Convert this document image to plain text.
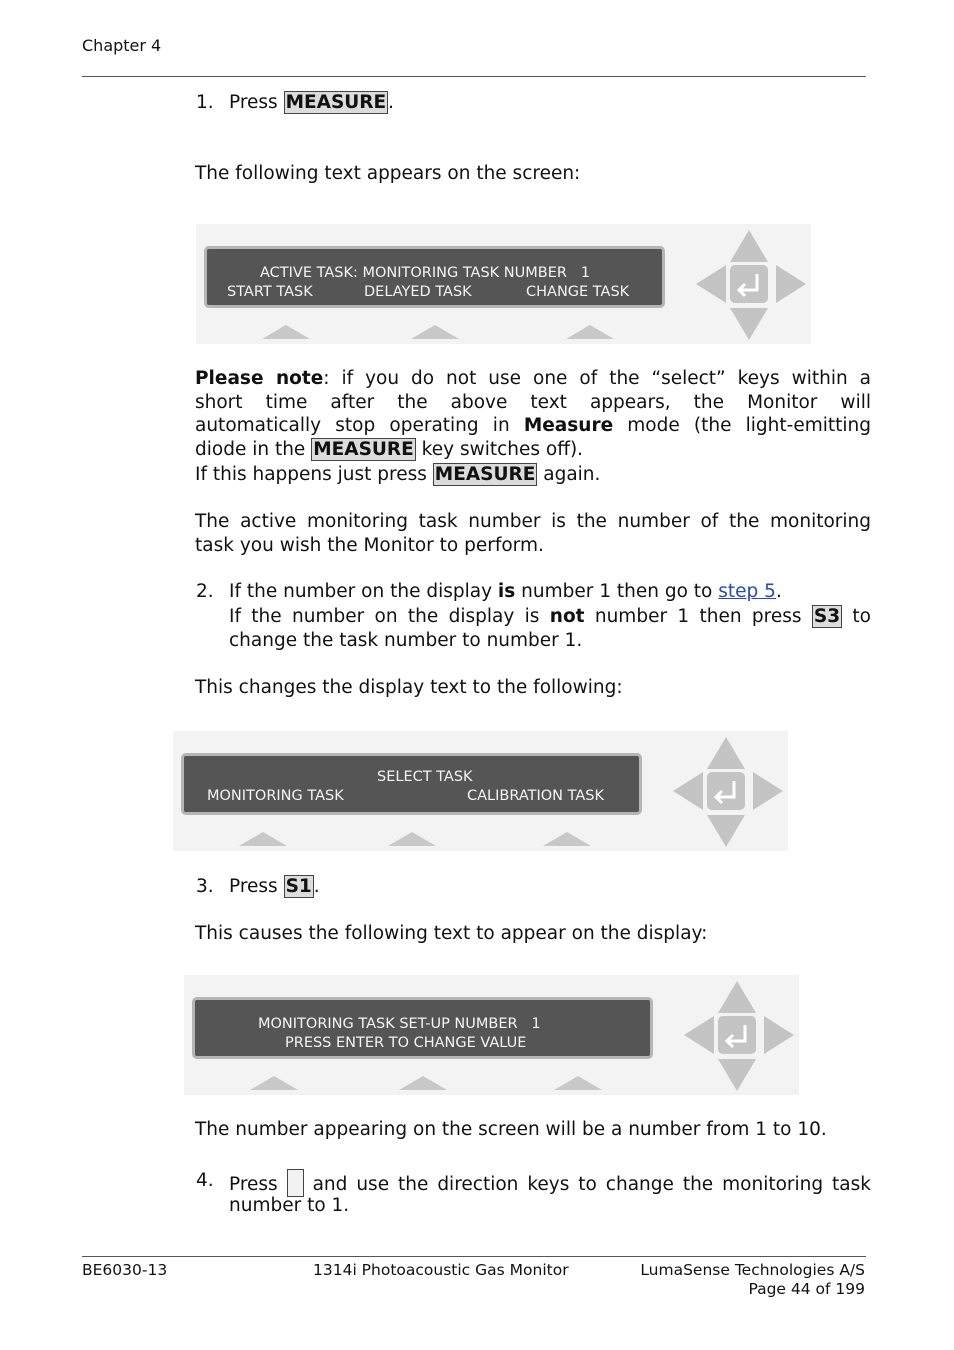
Chapter 4
1. Press MEASURE .
The following text appears on the screen:
ACTIVE TASK: MONITORING TASK NUMBER   1
START TASK	DELAYED TASK	CHANGE TASK
Please note: if you do not use one of the “select” keys within a
short time after the above text appears, the Monitor will
automatically stop operating in Measure mode (the light-emitting
diode in the MEASURE key switches off).
If this happens just press MEASURE again.
The active monitoring task number is the number of the monitoring
task you wish the Monitor to perform.
2. If the number on the display is number 1 then go to step 5.
If the number on the display is not number 1 then press S3 to
change the task number to number 1.
This changes the display text to the following:
SELECT TASK
MONITORING TASK	CALIBRATION TASK
3. Press S1 .
This causes the following text to appear on the display:
MONITORING TASK SET-UP NUMBER   1
PRESS ENTER TO CHANGE VALUE
The number appearing on the screen will be a number from 1 to 10.
4. Press  and use the direction keys to change the monitoring task
number to 1.
BE6030-13	1314i Photoacoustic Gas Monitor	LumaSense Technologies A/S
Page 44 of 199
